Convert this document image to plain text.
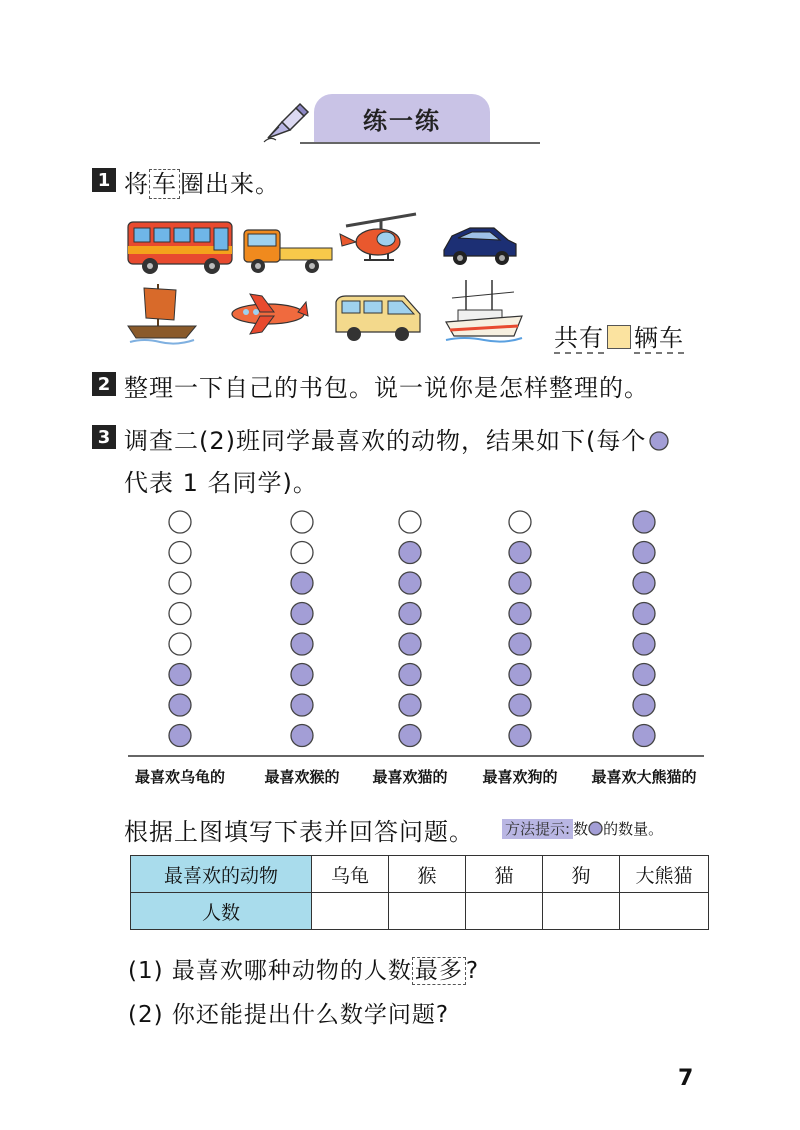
练一练
1 将 车 圈出来。
共有 辆车
2 整理一下自己的书包。说一说你是怎样整理的。
3 调查二(2)班同学最喜欢的动物，结果如下(每个
代表 1 名同学)。
最喜欢乌龟的	最喜欢猴的 最喜欢猫的 最喜欢狗的 最喜欢大熊猫的
根据上图填写下表并回答问题。 方法提示: 数 的数量。
最喜欢的动物	乌龟	猴	猫	狗	大熊猫
人数					
(1) 最喜欢哪种动物的人数 最多 ?
(2) 你还能提出什么数学问题?
7
